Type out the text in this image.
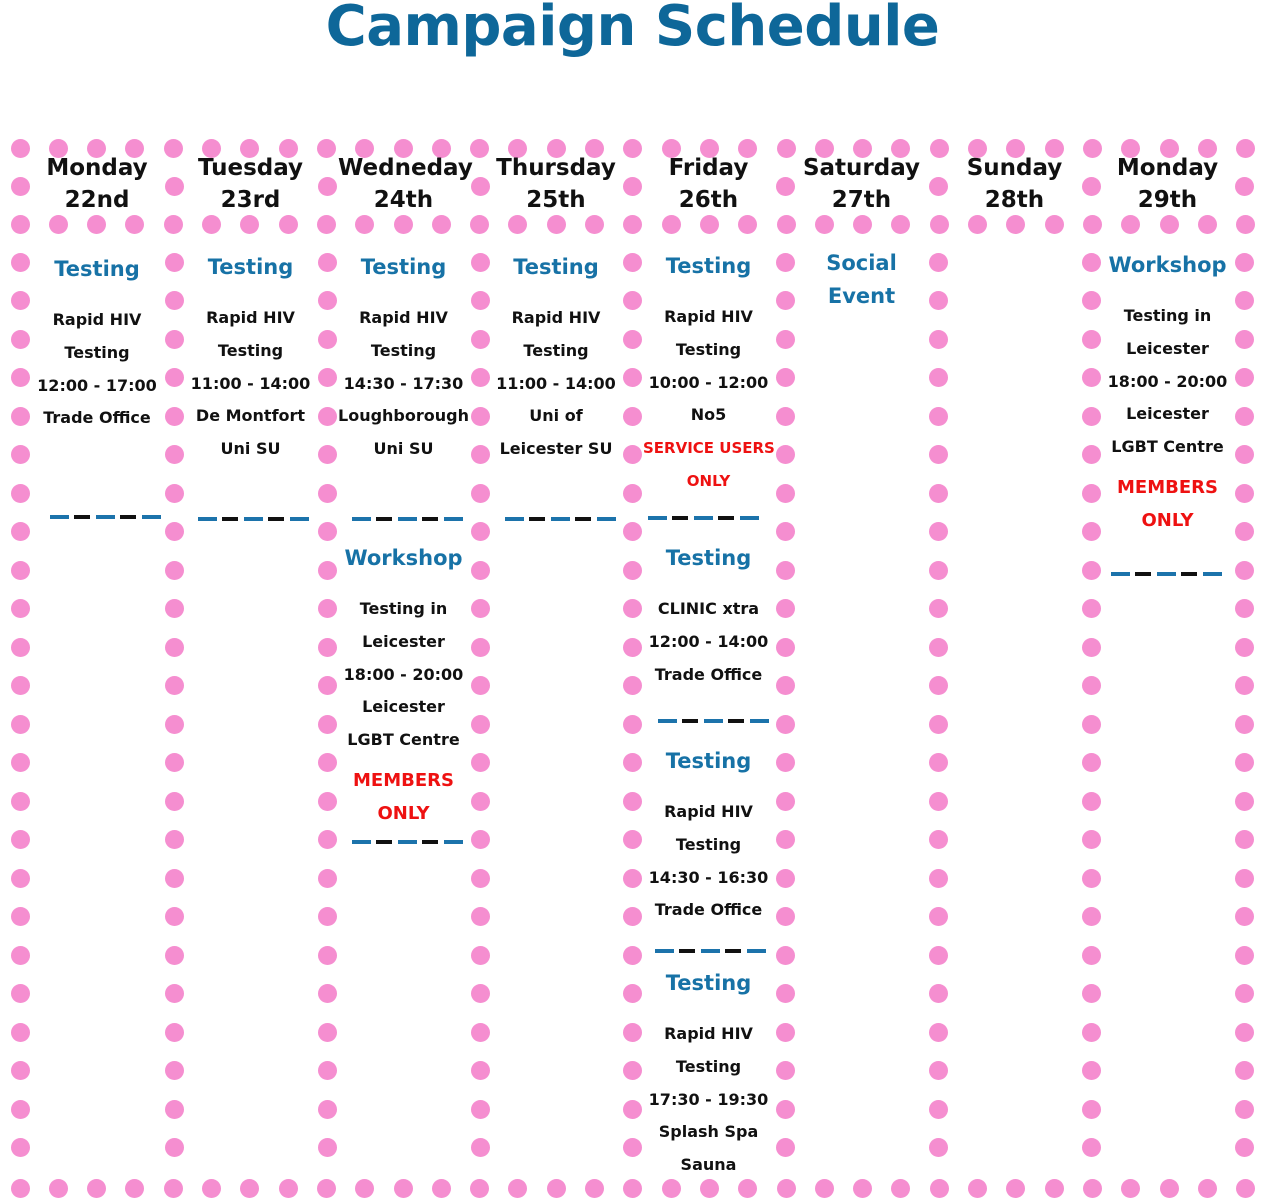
Campaign Schedule
Monday
22nd
Testing
Rapid HIV
Testing
12:00 - 17:00
Trade Office
Tuesday
23rd
Testing
Rapid HIV
Testing
11:00 - 14:00
De Montfort
Uni SU
Wedneday
24th
Testing
Rapid HIV
Testing
14:30 - 17:30
Loughborough
Uni SU
Workshop
Testing in
Leicester
18:00 - 20:00
Leicester
LGBT Centre
MEMBERS
ONLY
Thursday
25th
Testing
Rapid HIV
Testing
11:00 - 14:00
Uni of
Leicester SU
Friday
26th
Testing
Rapid HIV
Testing
10:00 - 12:00
No5
SERVICE USERS
ONLY
Testing
CLINIC xtra
12:00 - 14:00
Trade Office
Testing
Rapid HIV
Testing
14:30 - 16:30
Trade Office
Testing
Rapid HIV
Testing
17:30 - 19:30
Splash Spa
Sauna
Saturday
27th
Social
Event
Sunday
28th
Monday
29th
Workshop
Testing in
Leicester
18:00 - 20:00
Leicester
LGBT Centre
MEMBERS
ONLY
